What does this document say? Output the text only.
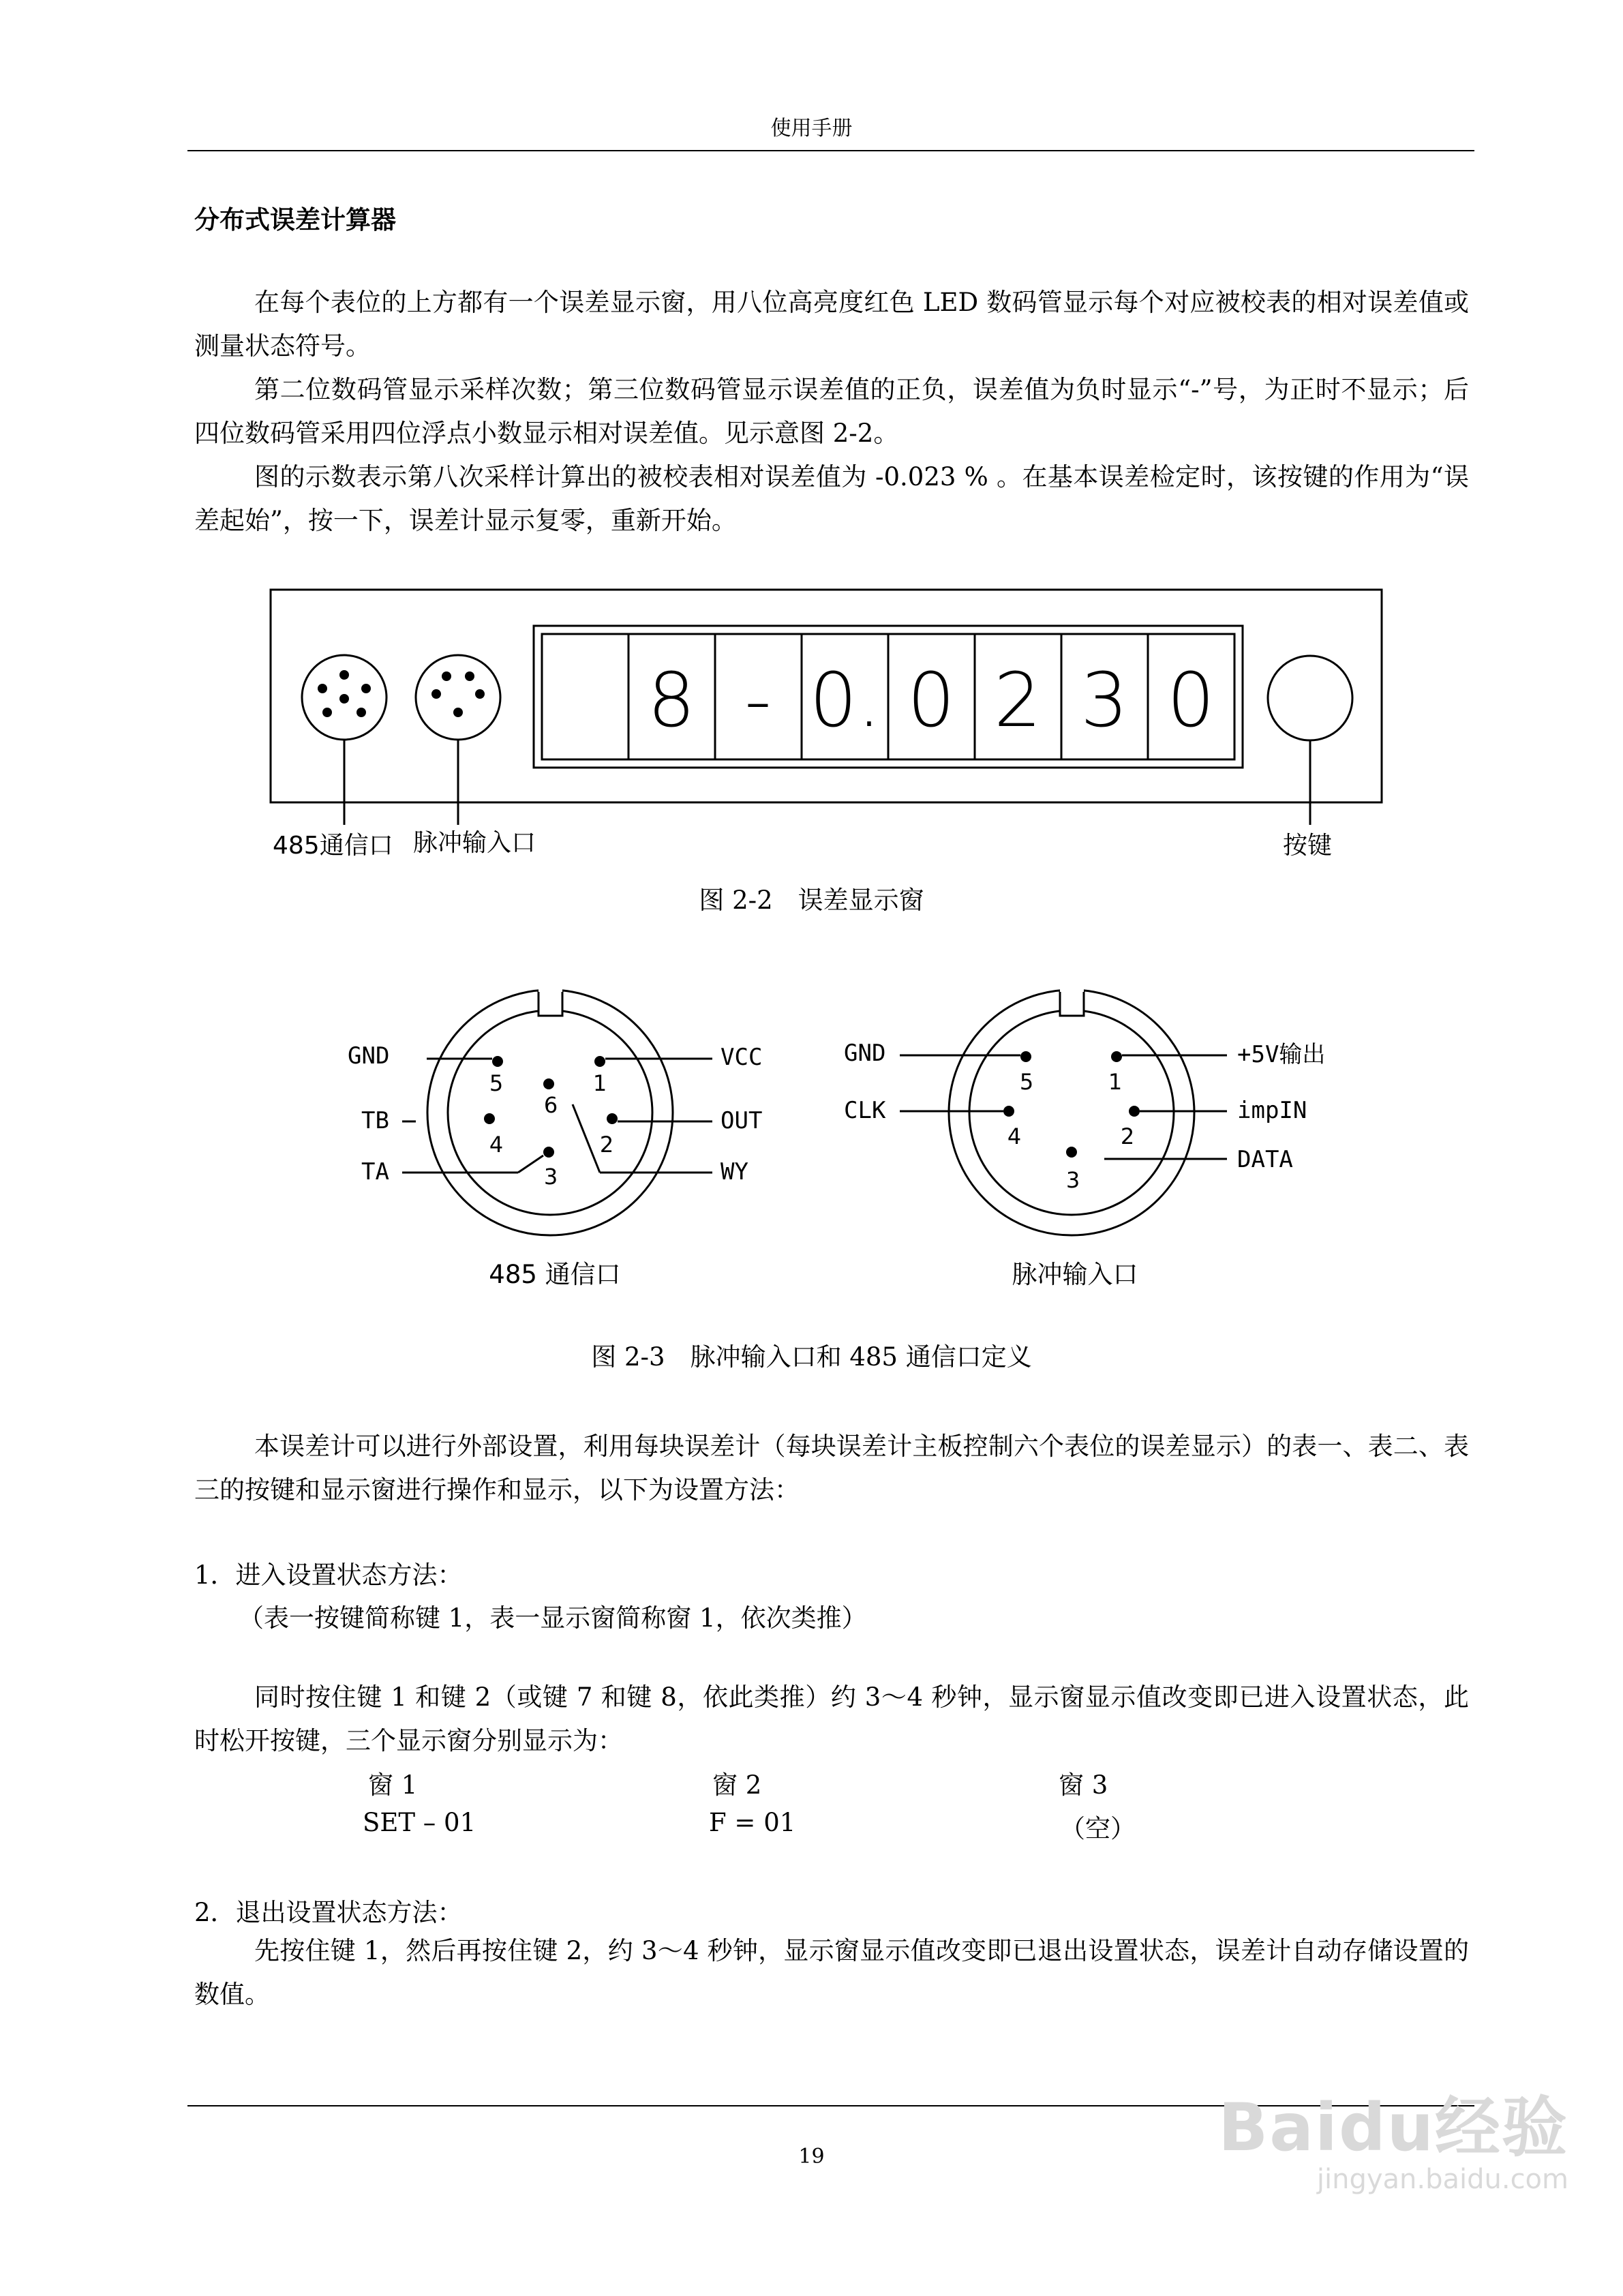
使用手册
分布式误差计算器
在每个表位的上方都有一个误差显示窗，用八位高亮度红色 LED 数码管显示每个对应被校表的相对误差值或测量状态符号。
第二位数码管显示采样次数；第三位数码管显示误差值的正负，误差值为负时显示“-”号，为正时不显示；后四位数码管采用四位浮点小数显示相对误差值。见示意图 2-2。
图的示数表示第八次采样计算出的被校表相对误差值为 -0.023 % 。在基本误差检定时，该按键的作用为“误差起始”，按一下，误差计显示复零，重新开始。
8 - 0. 0 2 3 0
485通信口 脉冲输入口	按键
图 2-2　误差显示窗
5	1
6
4	2
3
GND	VCC
TB	OUT
TA	WY
5	1
4	2
3
GND	+5V输出
CLK	impIN
DATA
485 通信口	脉冲输入口
图 2-3　脉冲输入口和 485 通信口定义
本误差计可以进行外部设置，利用每块误差计（每块误差计主板控制六个表位的误差显示）的表一、表二、表三的按键和显示窗进行操作和显示，以下为设置方法：
1．进入设置状态方法：
（表一按键简称键 1，表一显示窗简称窗 1，依次类推）
同时按住键 1 和键 2（或键 7 和键 8，依此类推）约 3～4 秒钟，显示窗显示值改变即已进入设置状态，此时松开按键，三个显示窗分别显示为：
窗 1	窗 2	窗 3
SET – 01	F = 01	（空）
2．退出设置状态方法：
先按住键 1，然后再按住键 2，约 3～4 秒钟，显示窗显示值改变即已退出设置状态，误差计自动存储设置的数值。
19	Baidu经验
jingyan.baidu.com
